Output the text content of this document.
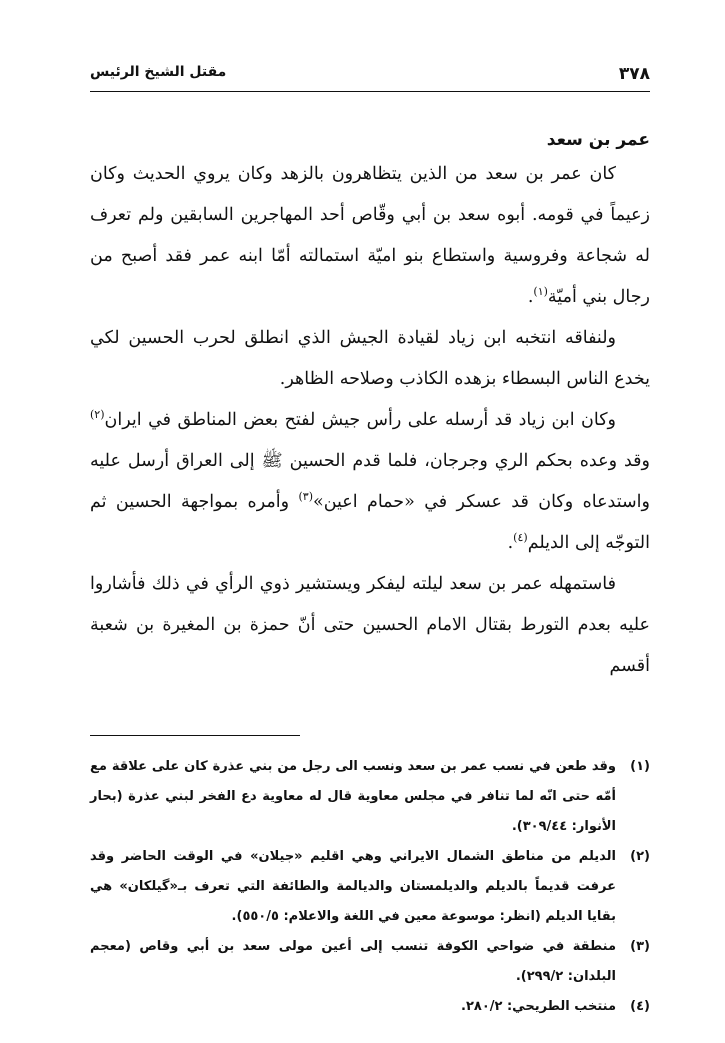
٣٧٨
مقتل الشيخ الرئيس
عمر بن سعد

كان عمر بن سعد من الذين يتظاهرون بالزهد وكان يروي الحديث وكان زعيماً في قومه. أبوه سعد بن أبي وقّاص أحد المهاجرين السابقين ولم تعرف له شجاعة وفروسية واستطاع بنو اميّة استمالته أمّا ابنه عمر فقد أصبح من رجال بني أميّة$^{(١)}$.

ولنفاقه انتخبه ابن زياد لقيادة الجيش الذي انطلق لحرب الحسين لكي يخدع الناس البسطاء بزهده الكاذب وصلاحه الظاهر.

وكان ابن زياد قد أرسله على رأس جيش لفتح بعض المناطق في ايران$^{(٢)}$ وقد وعده بحكم الري وجرجان، فلما قدم الحسين ﷺ إلى العراق أرسل عليه واستدعاه وكان قد عسكر في «حمام اعين»$^{(٣)}$ وأمره بمواجهة الحسين ثم التوجّه إلى الديلم$^{(٤)}$.

فاستمهله عمر بن سعد ليلته ليفكر ويستشير ذوي الرأي في ذلك فأشاروا عليه بعدم التورط بقتال الامام الحسين حتى أنّ حمزة بن المغيرة بن شعبة أقسم

(١)
وقد طعن في نسب عمر بن سعد ونسب الى رجل من بني عذرة كان على علاقة مع أمّه حتى انّه لما تنافر في مجلس معاوية قال له معاوية دع الفخر لبني عذرة (بحار الأنوار: ٣٠٩/٤٤).
(٢)
الديلم من مناطق الشمال الايراني وهي اقليم «جيلان» في الوقت الحاضر وقد عرفت قديماً بالديلم والديلمستان والديالمة والطائفة التي تعرف بـ«گيلكان» هي بقايا الديلم (انظر: موسوعة معين في اللغة والاعلام: ٥٥٠/٥).
(٣)
منطقة في ضواحي الكوفة تنسب إلى أعين مولى سعد بن أبي وقاص (معجم البلدان: ٢٩٩/٢).
(٤)
منتخب الطريحي: ٢٨٠/٢.
